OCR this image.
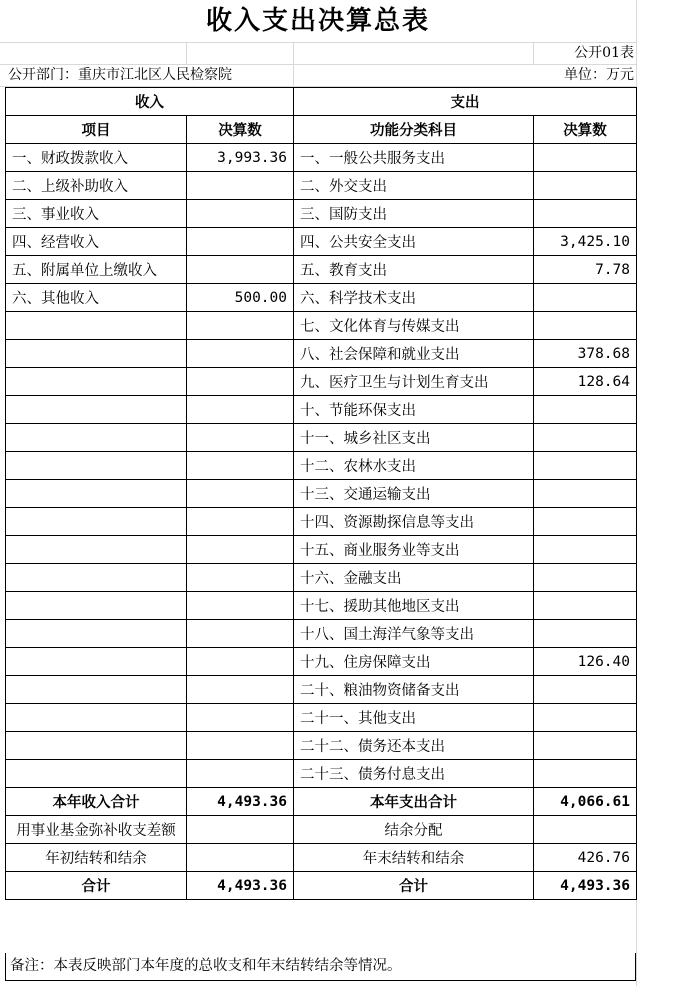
收入支出决算总表
公开01表
公开部门：重庆市江北区人民检察院	单位：万元
收入		支出	
项目	决算数	功能分类科目	决算数
一、财政拨款收入	3,993.36	一、一般公共服务支出	
二、上级补助收入		二、外交支出	
三、事业收入		三、国防支出	
四、经营收入		四、公共安全支出	3,425.10
五、附属单位上缴收入		五、教育支出	7.78
六、其他收入	500.00	六、科学技术支出	
		七、文化体育与传媒支出	
		八、社会保障和就业支出	378.68
		九、医疗卫生与计划生育支出	128.64
		十、节能环保支出	
		十一、城乡社区支出	
		十二、农林水支出	
		十三、交通运输支出	
		十四、资源勘探信息等支出	
		十五、商业服务业等支出	
		十六、金融支出	
		十七、援助其他地区支出	
		十八、国土海洋气象等支出	
		十九、住房保障支出	126.40
		二十、粮油物资储备支出	
		二十一、其他支出	
		二十二、债务还本支出	
		二十三、债务付息支出	
本年收入合计	4,493.36	本年支出合计	4,066.61
用事业基金弥补收支差额		结余分配	
年初结转和结余		年末结转和结余	426.76
合计	4,493.36	合计	4,493.36
备注：本表反映部门本年度的总收支和年末结转结余等情况。
